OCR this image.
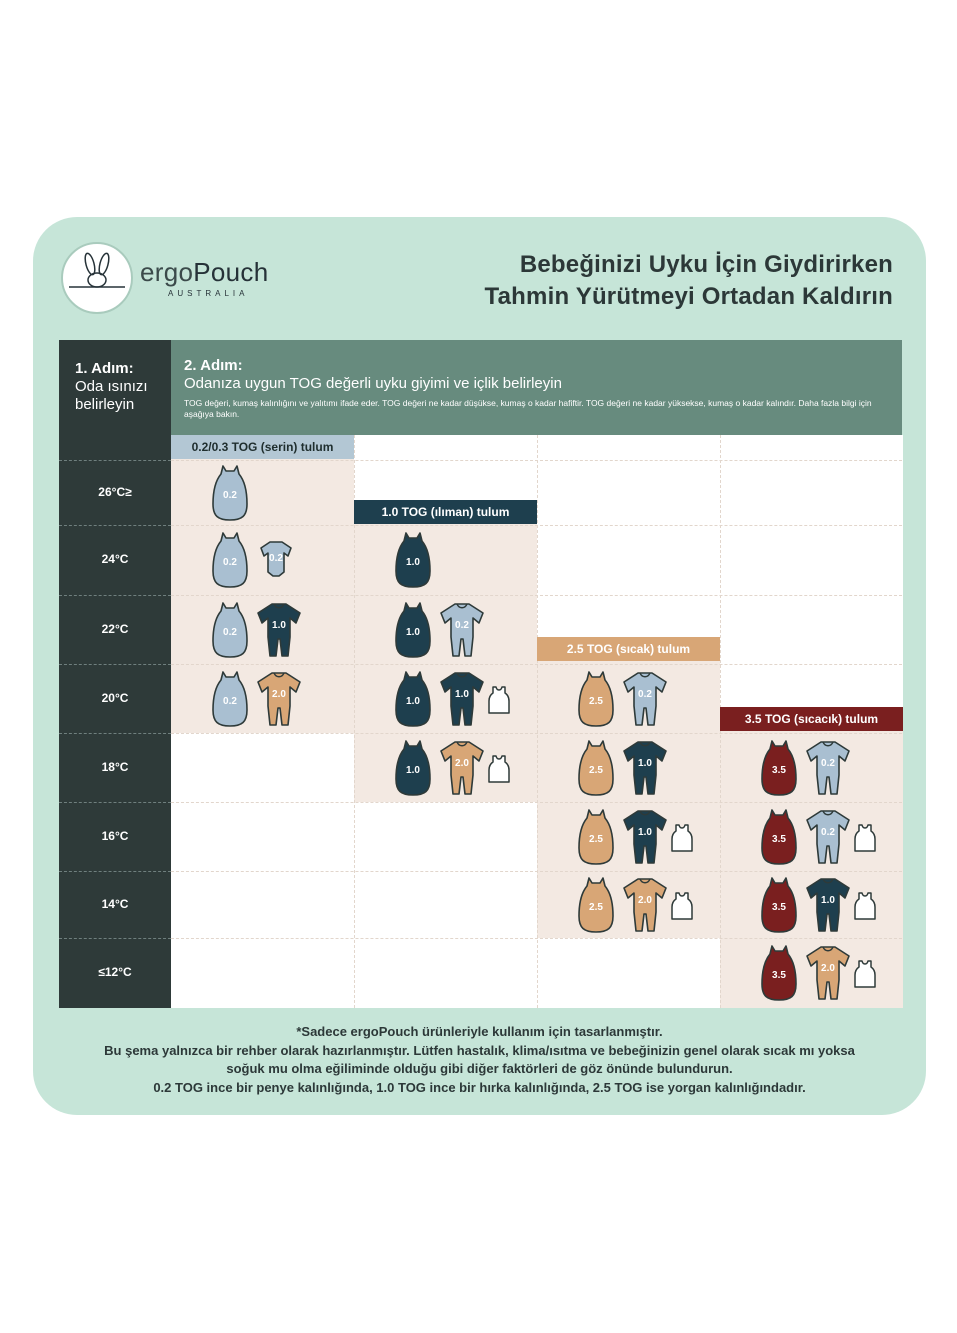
ergoPouch
AUSTRALIA
Bebeğinizi Uyku İçin Giydirirken
Tahmin Yürütmeyi Ortadan Kaldırın
1. Adım:
Oda ısınızı belirleyin
2. Adım:
Odanıza uygun TOG değerli uyku giyimi ve içlik belirleyin
TOG değeri, kumaş kalınlığını ve yalıtımı ifade eder. TOG değeri ne kadar düşükse, kumaş o kadar hafiftir. TOG değeri ne kadar yüksekse, kumaş o kadar kalındır. Daha fazla bilgi için aşağıya bakın.
0.2/0.3 TOG (serin) tulum
1.0 TOG (ılıman) tulum
2.5 TOG (sıcak) tulum
3.5 TOG (sıcacık) tulum
26°C≥
24°C
22°C
20°C
18°C
16°C
14°C
≤12°C
0.2
0.2	0.2	1.0
0.2
1.0
1.0
0.2
0.2
2.0
1.0
1.0
2.5
0.2
1.0
2.0
2.5
1.0
3.5
0.2
2.5
1.0
3.5
0.2
2.5
2.0
3.5
1.0
3.5
2.0
*Sadece ergoPouch ürünleriyle kullanım için tasarlanmıştır.
Bu şema yalnızca bir rehber olarak hazırlanmıştır. Lütfen hastalık, klima/ısıtma ve bebeğinizin genel olarak sıcak mı yoksa
soğuk mu olma eğiliminde olduğu gibi diğer faktörleri de göz önünde bulundurun.
0.2 TOG ince bir penye kalınlığında, 1.0 TOG ince bir hırka kalınlığında, 2.5 TOG ise yorgan kalınlığındadır.
